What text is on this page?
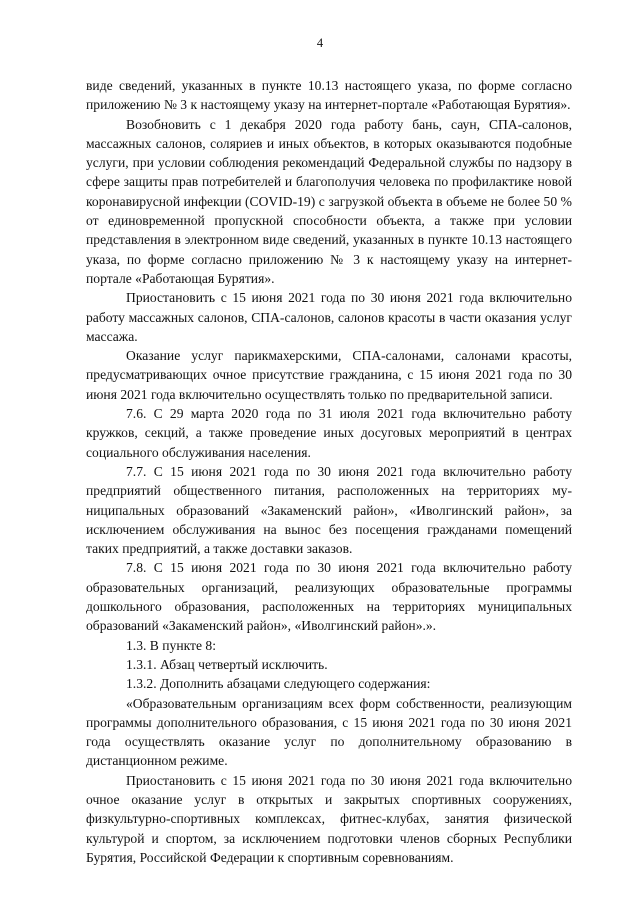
4

виде сведений, указанных в пункте 10.13 настоящего указа, по форме согласно приложению № 3 к настоящему указу на интернет-портале «Работающая Бурятия».

Возобновить с 1 декабря 2020 года работу бань, саун, СПА-салонов, массажных салонов, соляриев и иных объектов, в которых оказываются подобные услуги, при условии соблюдения рекомендаций Федеральной службы по надзору в сфере защиты прав потребителей и благополучия человека по профилактике новой коронавирусной инфекции (COVID-19) с загрузкой объекта в объеме не более 50 % от единовременной пропускной способности объекта, а также при условии представления в электронном виде сведений, указанных в пункте 10.13 настоящего указа, по форме согласно приложению № 3 к настоящему указу на интернет-портале «Работающая Бурятия».

Приостановить с 15 июня 2021 года по 30 июня 2021 года включительно работу массажных салонов, СПА-салонов, салонов красоты в части оказания услуг массажа.

Оказание услуг парикмахерскими, СПА-салонами, салонами красоты, предусматривающих очное присутствие гражданина, с 15 июня 2021 года по 30 июня 2021 года включительно осуществлять только по предварительной записи.

7.6. С 29 марта 2020 года по 31 июля 2021 года включительно работу кружков, секций, а также проведение иных досуговых мероприятий в центрах социального обслуживания населения.

7.7. С 15 июня 2021 года по 30 июня 2021 года включительно работу предприятий общественного питания, расположенных на территориях муниципальных образований «Закаменский район», «Иволгинский район», за исключением обслуживания на вынос без посещения гражданами помещений таких предприятий, а также доставки заказов.

7.8. С 15 июня 2021 года по 30 июня 2021 года включительно работу образовательных организаций, реализующих образовательные программы дошкольного образования, расположенных на территориях муниципальных образований «Закаменский район», «Иволгинский район».».

1.3. В пункте 8:

1.3.1. Абзац четвертый исключить.

1.3.2. Дополнить абзацами следующего содержания:

«Образовательным организациям всех форм собственности, реализующим программы дополнительного образования, с 15 июня 2021 года по 30 июня 2021 года осуществлять оказание услуг по дополнительному образованию в дистанционном режиме.

Приостановить с 15 июня 2021 года по 30 июня 2021 года включительно очное оказание услуг в открытых и закрытых спортивных сооружениях, физкультурно-спортивных комплексах, фитнес-клубах, занятия физической культурой и спортом, за исключением подготовки членов сборных Республики Бурятия, Российской Федерации к спортивным соревнованиям.
